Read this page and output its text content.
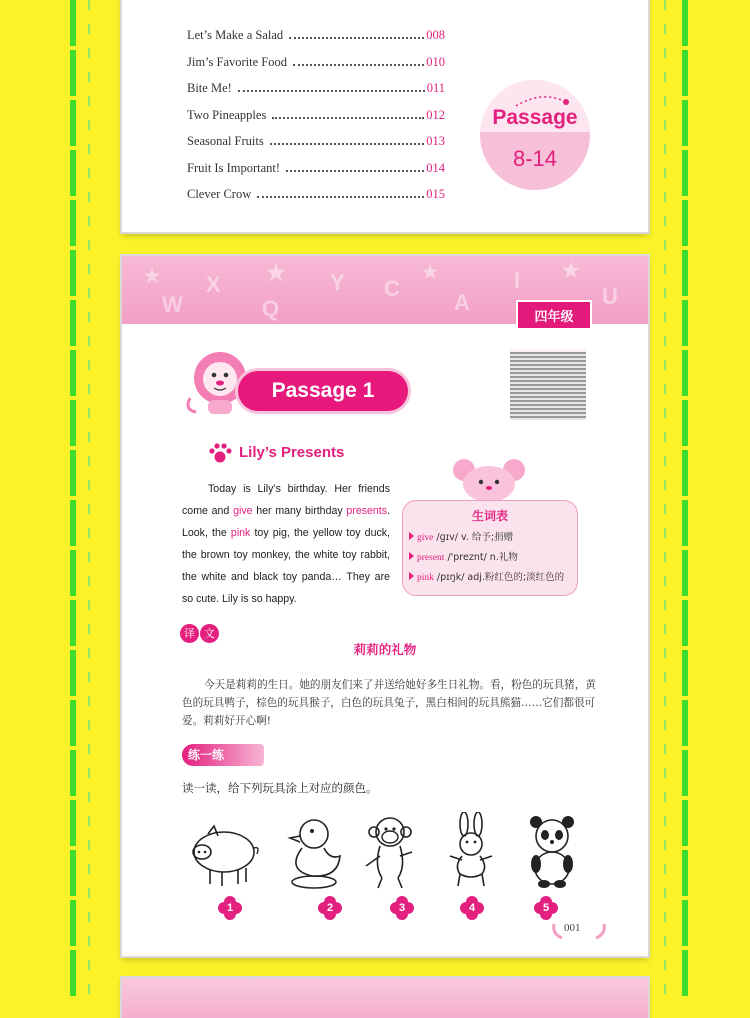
Let’s Make a Salad	008
Jim’s Favorite Food	010
Bite Me!	011
Two Pineapples	012
Seasonal Fruits	013
Fruit Is Important!	014
Clever Crow	015
Passage
8-14
★	★	★	★
W
X
Q
Y C
A
I
U
四年级
Passage 1
Lily’s Presents
Today is Lily’s birthday. Her friends come and give her many birthday presents. Look, the pink toy pig, the yellow toy duck, the brown toy monkey, the white toy rabbit, the white and black toy panda… They are so cute. Lily is so happy.
生词表
give /ɡɪv/ v. 给予;捐赠
present /'preznt/ n.礼物
pink /pɪŋk/ adj.粉红色的;淡红色的
译 文
莉莉的礼物
今天是莉莉的生日。她的朋友们来了并送给她好多生日礼物。看，粉色的玩具猪，黄色的玩具鸭子，棕色的玩具猴子，白色的玩具兔子，黑白相间的玩具熊猫……它们都很可爱。莉莉好开心啊!
练一练
读一读，给下列玩具涂上对应的颜色。
1	2	3	4	5
001
